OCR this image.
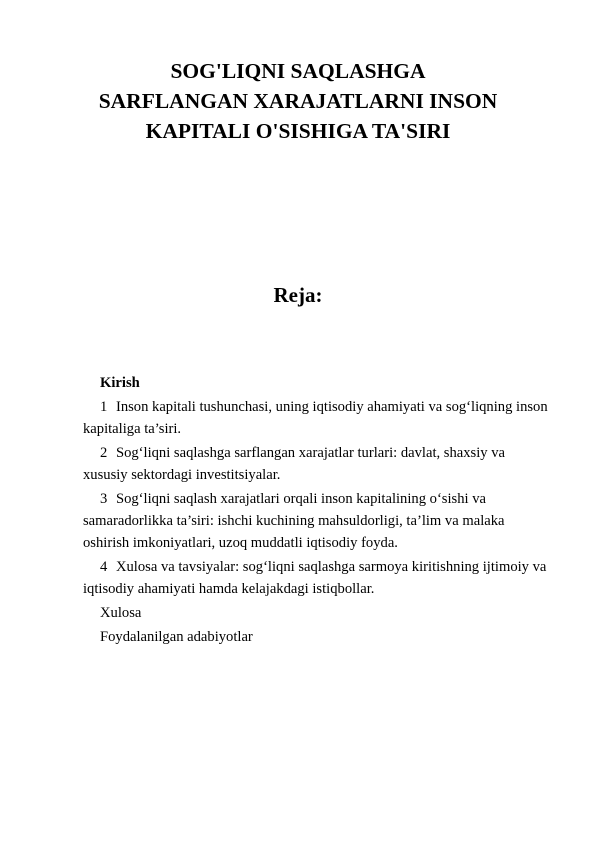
SOG'LIQNI SAQLASHGA
SARFLANGAN XARAJATLARNI INSON
KAPITALI O'SISHIGA TA'SIRI
Reja:

Kirish

1 Inson kapitali tushunchasi, uning iqtisodiy ahamiyati va sog‘liqning inson kapitaliga ta’siri.

2 Sog‘liqni saqlashga sarflangan xarajatlar turlari: davlat, shaxsiy va xususiy sektordagi investitsiyalar.

3 Sog‘liqni saqlash xarajatlari orqali inson kapitalining o‘sishi va samaradorlikka ta’siri: ishchi kuchining mahsuldorligi, ta’lim va malaka oshirish imkoniyatlari, uzoq muddatli iqtisodiy foyda.

4 Xulosa va tavsiyalar: sog‘liqni saqlashga sarmoya kiritishning ijtimoiy va iqtisodiy ahamiyati hamda kelajakdagi istiqbollar.

Xulosa

Foydalanilgan adabiyotlar
